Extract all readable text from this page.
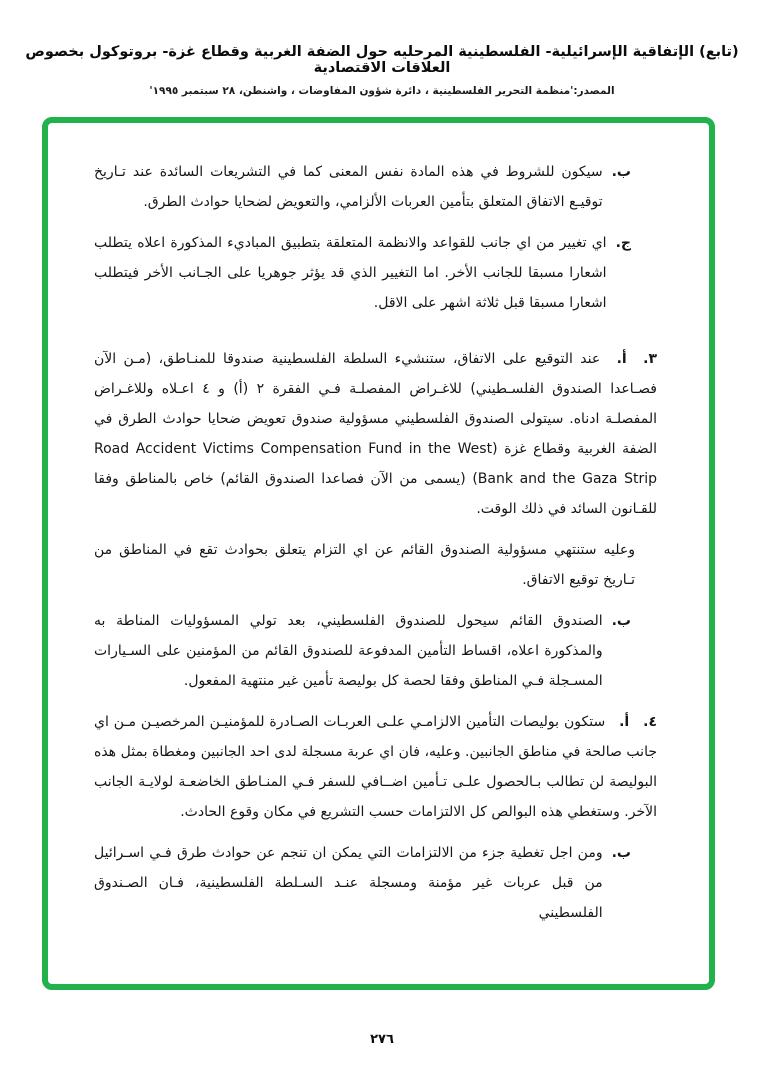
(تابع) الإتفاقية الإسرائيلية- الفلسطينية المرحليه حول الضفة الغربية وقطاع غزة- بروتوكول بخصوص العلاقات الاقتصادية
المصدر:'منظمة التحرير الفلسطينية ، دائرة شؤون المفاوضات ، واشنطن، ٢٨ سبتمبر ١٩٩٥'

ب.
سيكون للشروط في هذه المادة نفس المعنى كما في التشريعات السائدة عند تـاريخ توقيـع الاتفاق المتعلق بتأمين العربات الألزامي، والتعويض لضحايا حوادث الطرق.

ج.
اي تغيير من اي جانب للقواعد والانظمة المتعلقة بتطبيق المباديء المذكورة اعلاه يتطلب اشعارا مسبقا للجانب الأخر. اما التغيير الذي قد يؤثر جوهريا على الجـانب الأخر فيتطلب اشعارا مسبقا قبل ثلاثة اشهر على الاقل.

٣. أ. عند التوقيع على الاتفاق، ستنشيء السلطة الفلسطينية صندوقا للمنـاطق، (مـن الآن فصـاعدا الصندوق الفلسـطيني) للاغـراض المفصلـة فـي الفقرة ٢ (أ) و ٤ اعـلاه وللاغـراض المفصلـة ادناه. سيتولى الصندوق الفلسطيني مسؤولية صندوق تعويض ضحايا حوادث الطرق في الضفة الغربية وقطاع غزة (Road Accident Victims Compensation Fund in the West Bank and the Gaza Strip) (يسمى من الآن فصاعدا الصندوق القائم) خاص بالمناطق وفقا للقـانون السائد في ذلك الوقت.

وعليه ستنتهي مسؤولية الصندوق القائم عن اي التزام يتعلق بحوادث تقع في المناطق من تـاريخ توقيع الاتفاق.

ب.
الصندوق القائم سيحول للصندوق الفلسطيني، بعد تولي المسؤوليات المناطة به والمذكورة اعلاه، اقساط التأمين المدفوعة للصندوق القائم من المؤمنين على السـيارات المسـجلة فـي المناطق وفقا لحصة كل بوليصة تأمين غير منتهية المفعول.

٤. أ. ستكون بوليصات التأمين الالزامـي علـى العربـات الصـادرة للمؤمنيـن المرخصيـن مـن اي جانب صالحة في مناطق الجانبين. وعليه، فان اي عربة مسجلة لدى احد الجانبين ومغطاة بمثل هذه البوليصة لن تطالب بـالحصول علـى تـأمين اضــافي للسفر فـي المنـاطق الخاضعـة لولايـة الجانب الآخر. وستغطي هذه البوالص كل الالتزامات حسب التشريع في مكان وقوع الحادث.

ب.
ومن اجل تغطية جزء من الالتزامات التي يمكن ان تنجم عن حوادث طرق فـي اسـرائيل من قبل عربات غير مؤمنة ومسجلة عنـد السـلطة الفلسطينية، فـان الصـندوق الفلسطيني

٢٧٦
